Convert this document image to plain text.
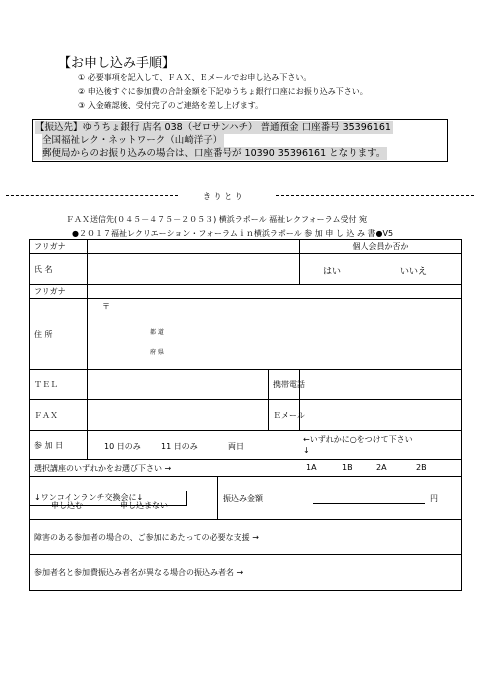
【お申し込み手順】
① 必要事項を記入して、ＦＡＸ、Ｅメールでお申し込み下さい。
② 申込後すぐに参加費の合計金額を下記ゆうちょ銀行口座にお振り込み下さい。
③ 入金確認後、受付完了のご連絡を差し上げます。
【振込先】ゆうちょ銀行 店名 038（ゼロサンハチ） 普通預金 口座番号 35396161
全国福祉レク・ネットワーク（山崎洋子）
郵便局からのお振り込みの場合は、口座番号が 10390 35396161 となります。
き り と り
ＦＡＸ送信先(０４５－４７５－２０５３) 横浜ラポール 福祉レクフォーラム受付 宛
●２０１７福祉レクリエーション・フォーラムｉｎ横浜ラポール 参 加 申 し 込 み 書●V5
フリガナ				個人会員か否か
氏 名				はい いいえ

フリガナ				
住 所	〒
都 道
府 県			

ＴＥＬ			携帯電話	
ＦＡＸ			Ｅメール	
参 加 日	10 日のみ 11 日のみ 両日
←いずれかに○をつけて下さい
↓			

選択講座のいずれかをお選び下さい → 1A 1B 2A 2B				

↓ワンコインランチ交換会に↓
申し込む 申し込まない		振込み金額 円		

障害のある参加者の場合の、ご参加にあたっての必要な支援 →				
参加者名と参加費振込み者名が異なる場合の振込み者名 →				
